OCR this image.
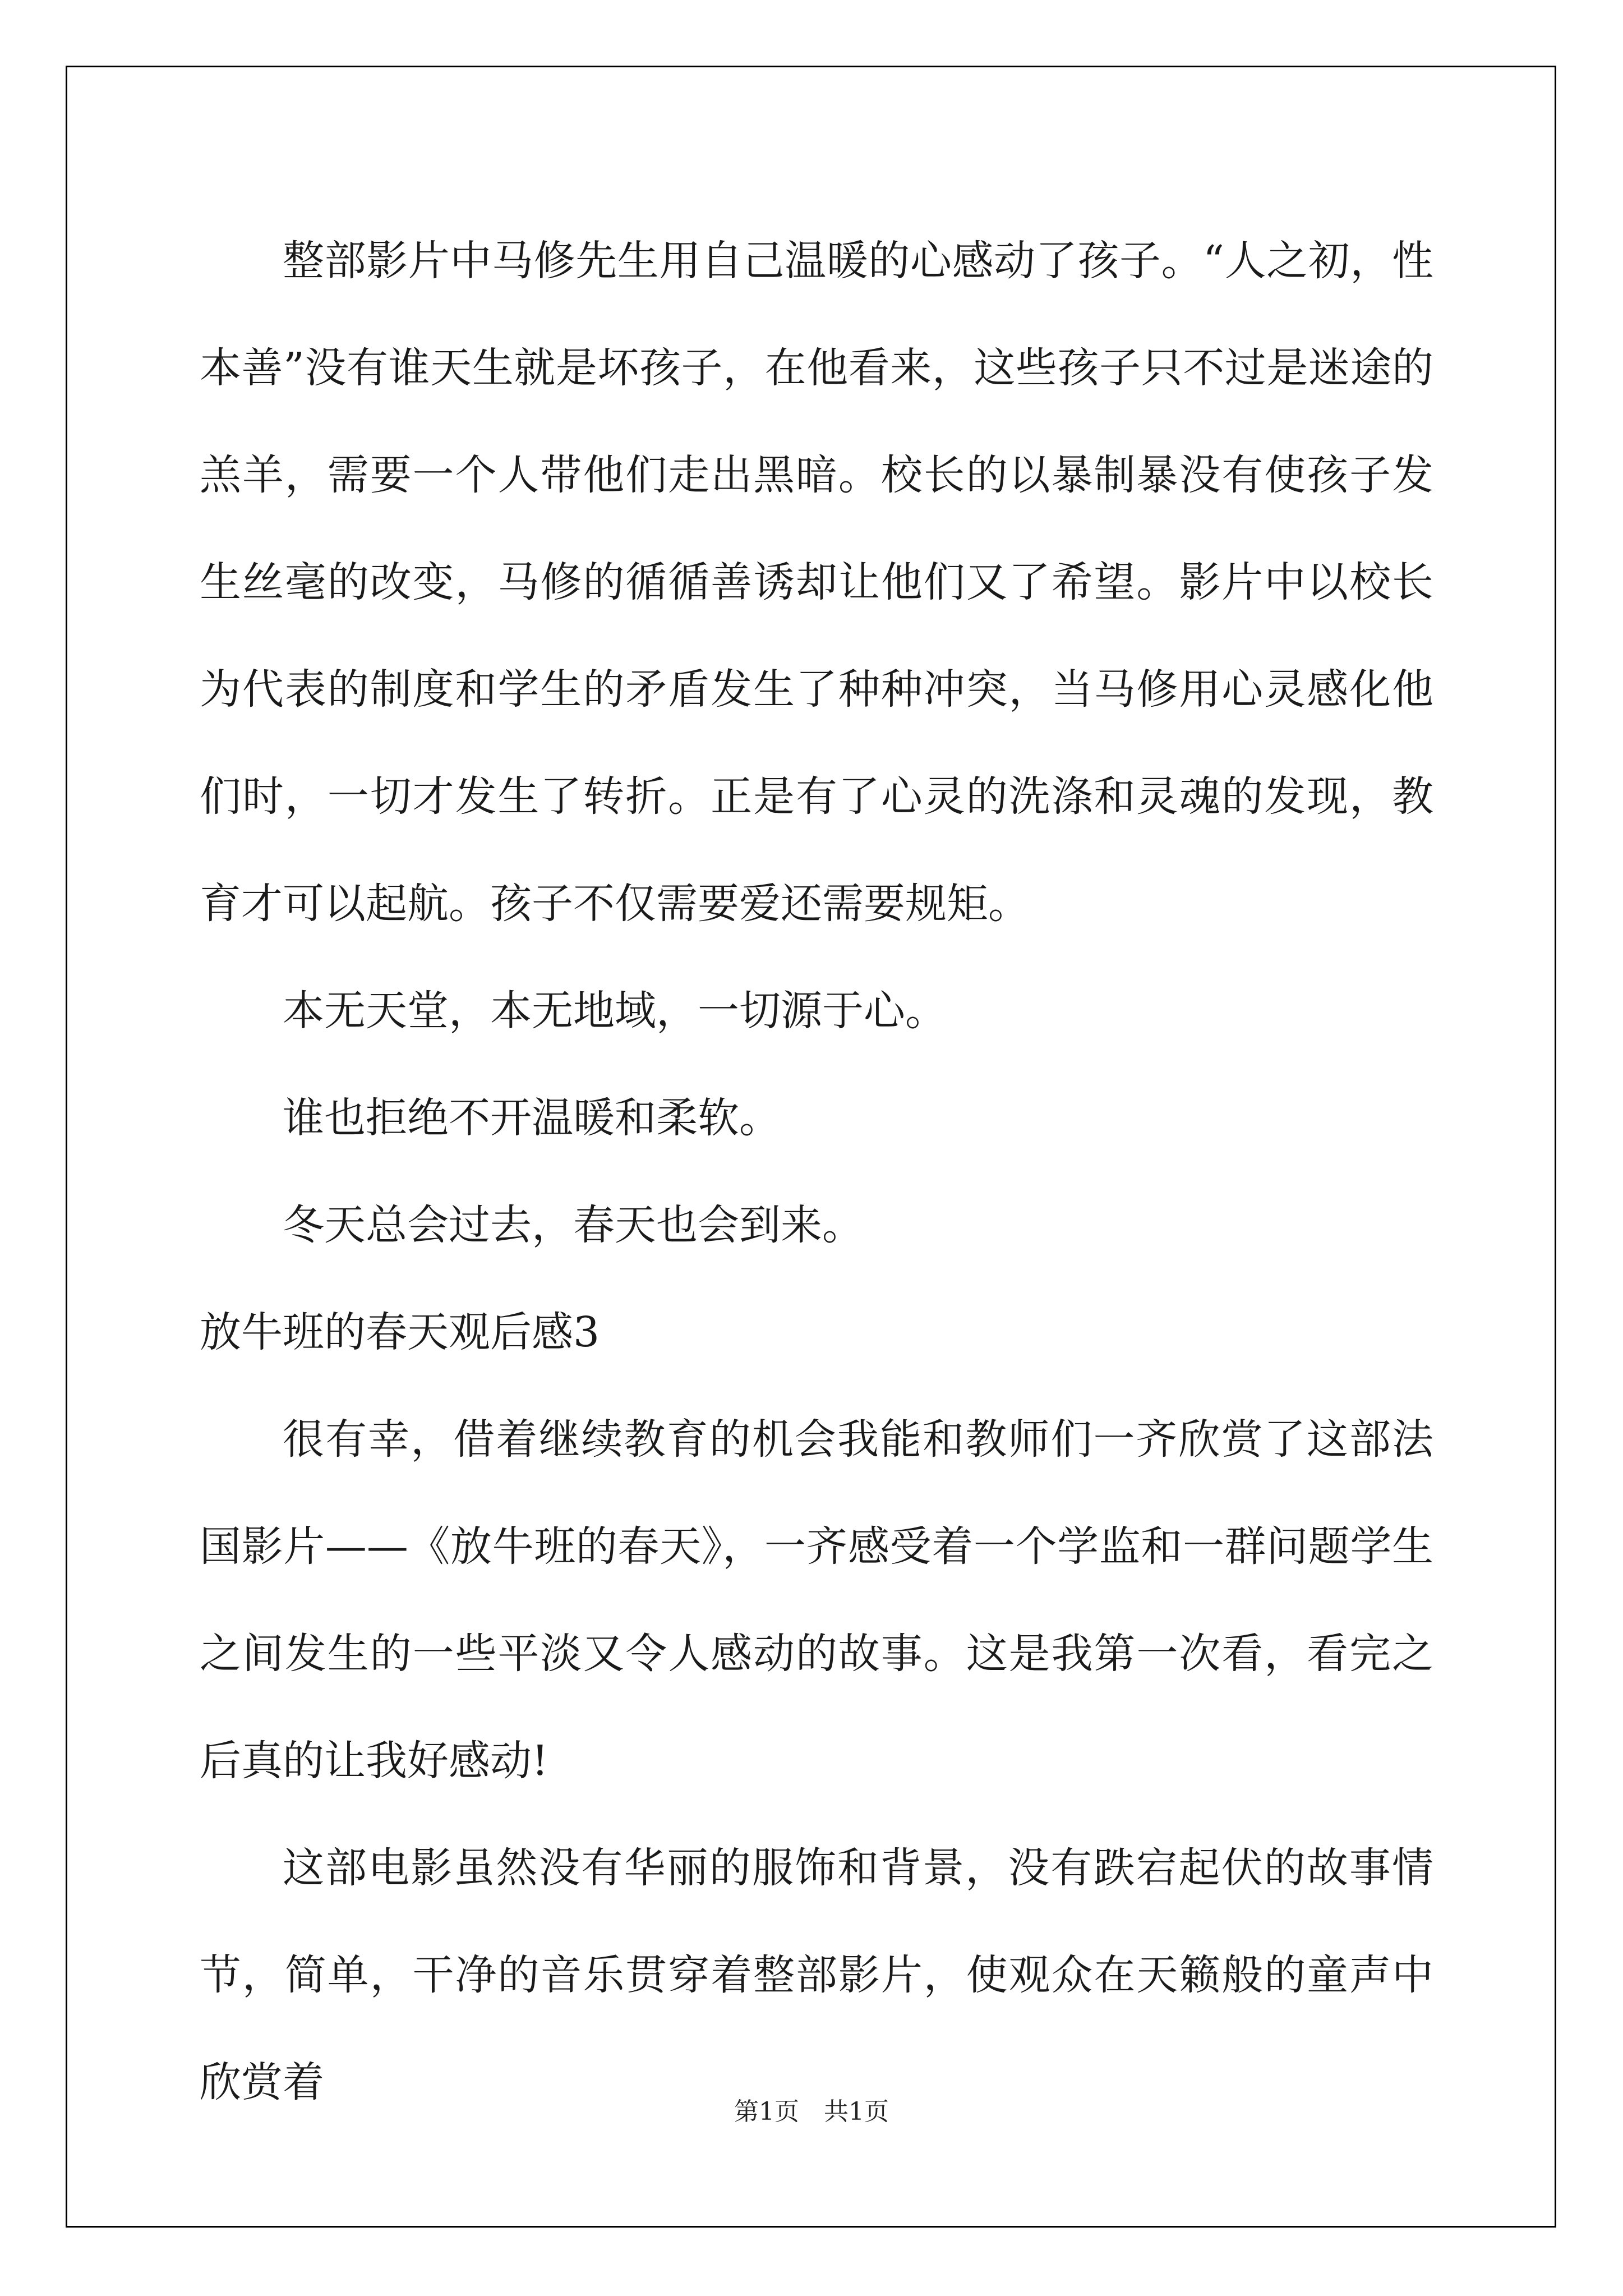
整部影片中马修先生用自己温暖的心感动了孩子。“人之初，性本善”没有谁天生就是坏孩子，在他看来，这些孩子只不过是迷途的羔羊，需要一个人带他们走出黑暗。校长的以暴制暴没有使孩子发生丝毫的改变，马修的循循善诱却让他们又了希望。影片中以校长为代表的制度和学生的矛盾发生了种种冲突，当马修用心灵感化他们时，一切才发生了转折。正是有了心灵的洗涤和灵魂的发现，教育才可以起航。孩子不仅需要爱还需要规矩。

本无天堂，本无地域，一切源于心。

谁也拒绝不开温暖和柔软。

冬天总会过去，春天也会到来。

放牛班的春天观后感3

很有幸，借着继续教育的机会我能和教师们一齐欣赏了这部法国影片——《放牛班的春天》，一齐感受着一个学监和一群问题学生之间发生的一些平淡又令人感动的故事。这是我第一次看，看完之后真的让我好感动!

这部电影虽然没有华丽的服饰和背景，没有跌宕起伏的故事情节，简单，干净的音乐贯穿着整部影片，使观众在天籁般的童声中欣赏着

第1页　共1页
